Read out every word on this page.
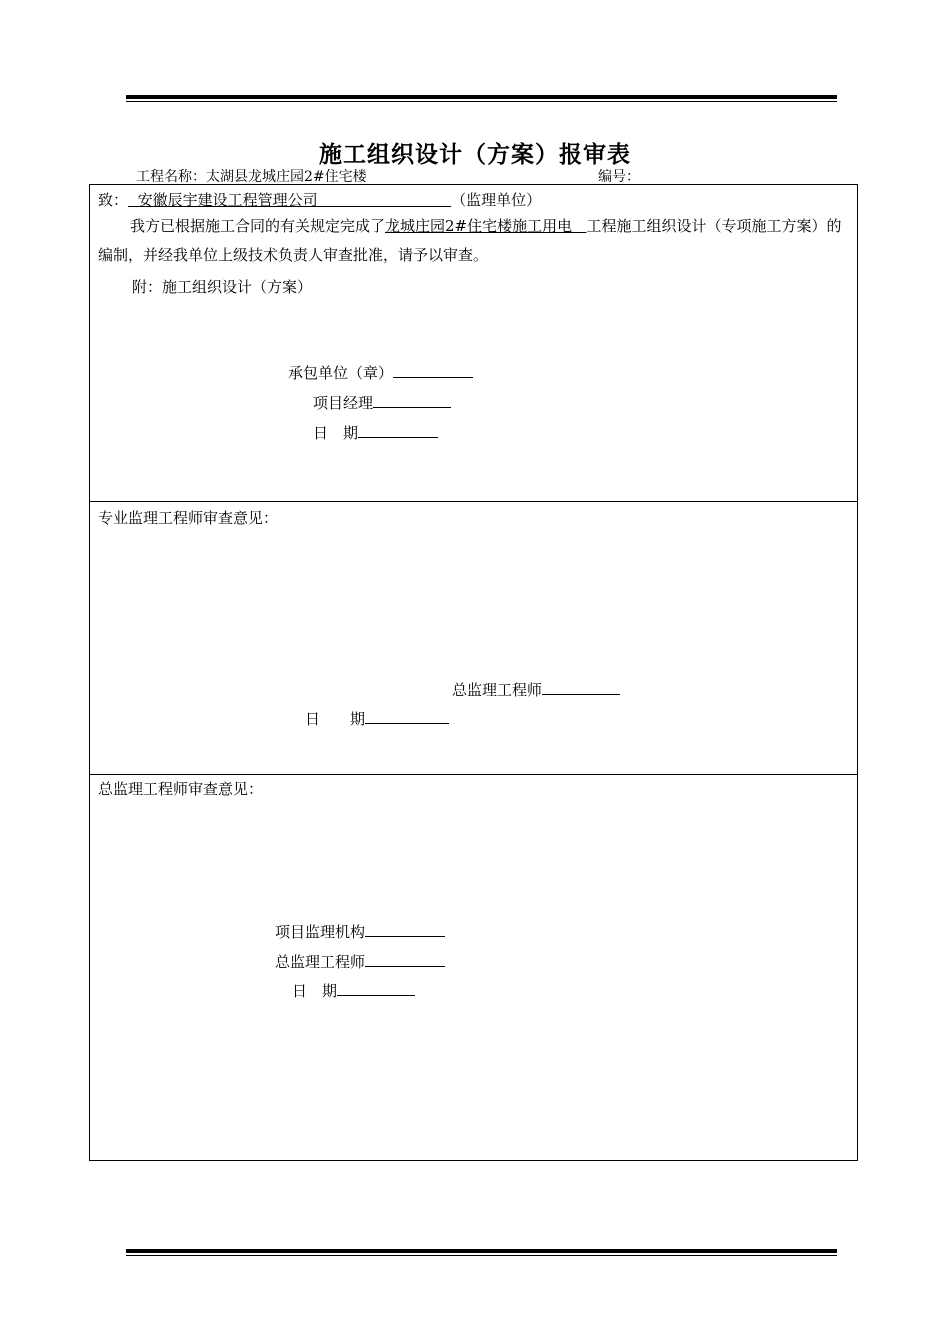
施工组织设计（方案）报审表
工程名称：太湖县龙城庄园2#住宅楼	编号：
致： 安徽辰宇建设工程管理公司	（监理单位）
我方已根据施工合同的有关规定完成了龙城庄园2#住宅楼施工用电 工程施工组织设计（专项施工方案）的编制，并经我单位上级技术负责人审查批准，请予以审查。
附：施工组织设计（方案）
承包单位（章）
项目经理
日　期
专业监理工程师审查意见：
总监理工程师
日　　期
总监理工程师审查意见：
项目监理机构
总监理工程师
日　期
